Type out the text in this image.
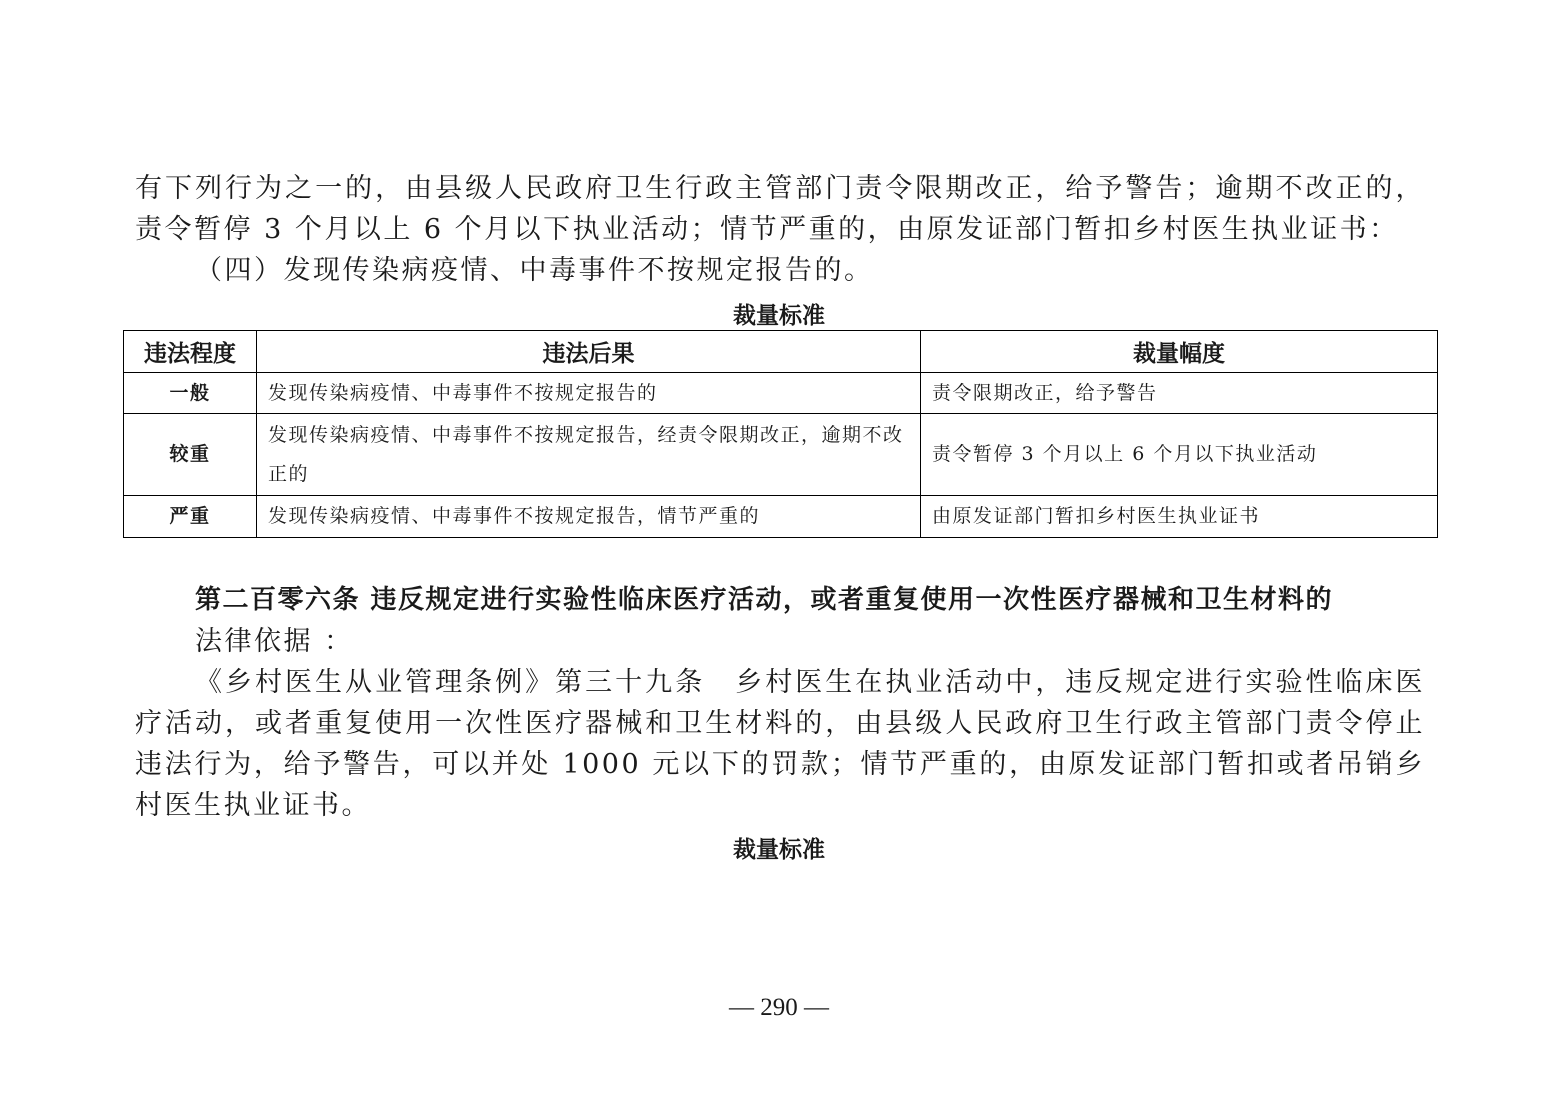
有下列行为之一的，由县级人民政府卫生行政主管部门责令限期改正，给予警告；逾期不改正的，责令暂停 3 个月以上 6 个月以下执业活动；情节严重的，由原发证部门暂扣乡村医生执业证书：

（四）发现传染病疫情、中毒事件不按规定报告的。

裁量标准

违法程度	违法后果	裁量幅度
一般	发现传染病疫情、中毒事件不按规定报告的	责令限期改正，给予警告
较重	发现传染病疫情、中毒事件不按规定报告，经责令限期改正，逾期不改正的	责令暂停 3 个月以上 6 个月以下执业活动
严重	发现传染病疫情、中毒事件不按规定报告，情节严重的	由原发证部门暂扣乡村医生执业证书

第二百零六条 违反规定进行实验性临床医疗活动，或者重复使用一次性医疗器械和卫生材料的

法律依据 ：

《乡村医生从业管理条例》第三十九条　乡村医生在执业活动中，违反规定进行实验性临床医疗活动，或者重复使用一次性医疗器械和卫生材料的，由县级人民政府卫生行政主管部门责令停止违法行为，给予警告，可以并处 1000 元以下的罚款；情节严重的，由原发证部门暂扣或者吊销乡村医生执业证书。

裁量标准

— 290 —
